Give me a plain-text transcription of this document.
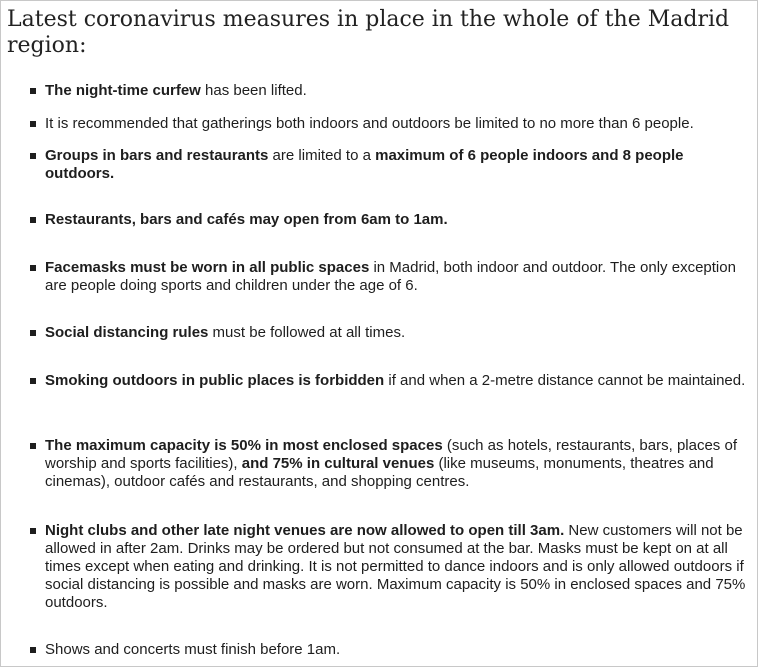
Latest coronavirus measures in place in the whole of the Madrid region:
The night-time curfew has been lifted.
It is recommended that gatherings both indoors and outdoors be limited to no more than 6 people.
Groups in bars and restaurants are limited to a maximum of 6 people indoors and 8 people outdoors.
Restaurants, bars and cafés may open from 6am to 1am.
Facemasks must be worn in all public spaces in Madrid, both indoor and outdoor. The only exception are people doing sports and children under the age of 6.
Social distancing rules must be followed at all times.
Smoking outdoors in public places is forbidden if and when a 2-metre distance cannot be maintained.
The maximum capacity is 50% in most enclosed spaces (such as hotels, restaurants, bars, places of worship and sports facilities), and 75% in cultural venues (like museums, monuments, theatres and cinemas), outdoor cafés and restaurants, and shopping centres.
Night clubs and other late night venues are now allowed to open till 3am. New customers will not be allowed in after 2am. Drinks may be ordered but not consumed at the bar. Masks must be kept on at all times except when eating and drinking. It is not permitted to dance indoors and is only allowed outdoors if social distancing is possible and masks are worn. Maximum capacity is 50% in enclosed spaces and 75% outdoors.
Shows and concerts must finish before 1am.
